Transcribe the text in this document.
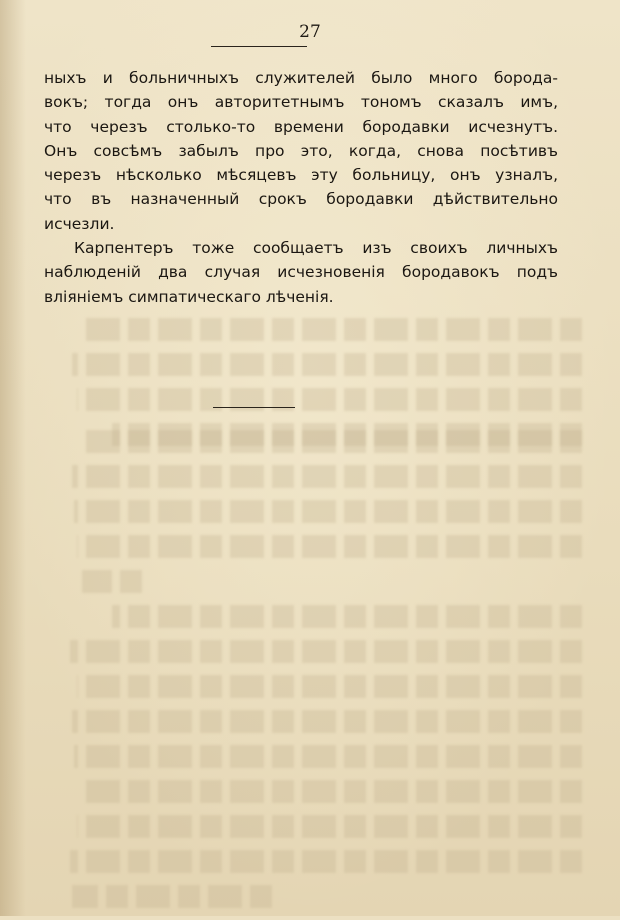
27
ныхъ и больничныхъ служителей было много борода-
вокъ; тогда онъ авторитетнымъ тономъ сказалъ имъ,
что черезъ столько-то времени бородавки исчезнутъ.
Онъ совсѣмъ забылъ про это, когда, снова посѣтивъ
черезъ нѣсколько мѣсяцевъ эту больницу, онъ узналъ,
что въ назначенный срокъ бородавки дѣйствительно
исчезли.
Карпентеръ тоже сообщаетъ изъ своихъ личныхъ
наблюденій два случая исчезновенія бородавокъ подъ
вліяніемъ симпатическаго лѣченія.
